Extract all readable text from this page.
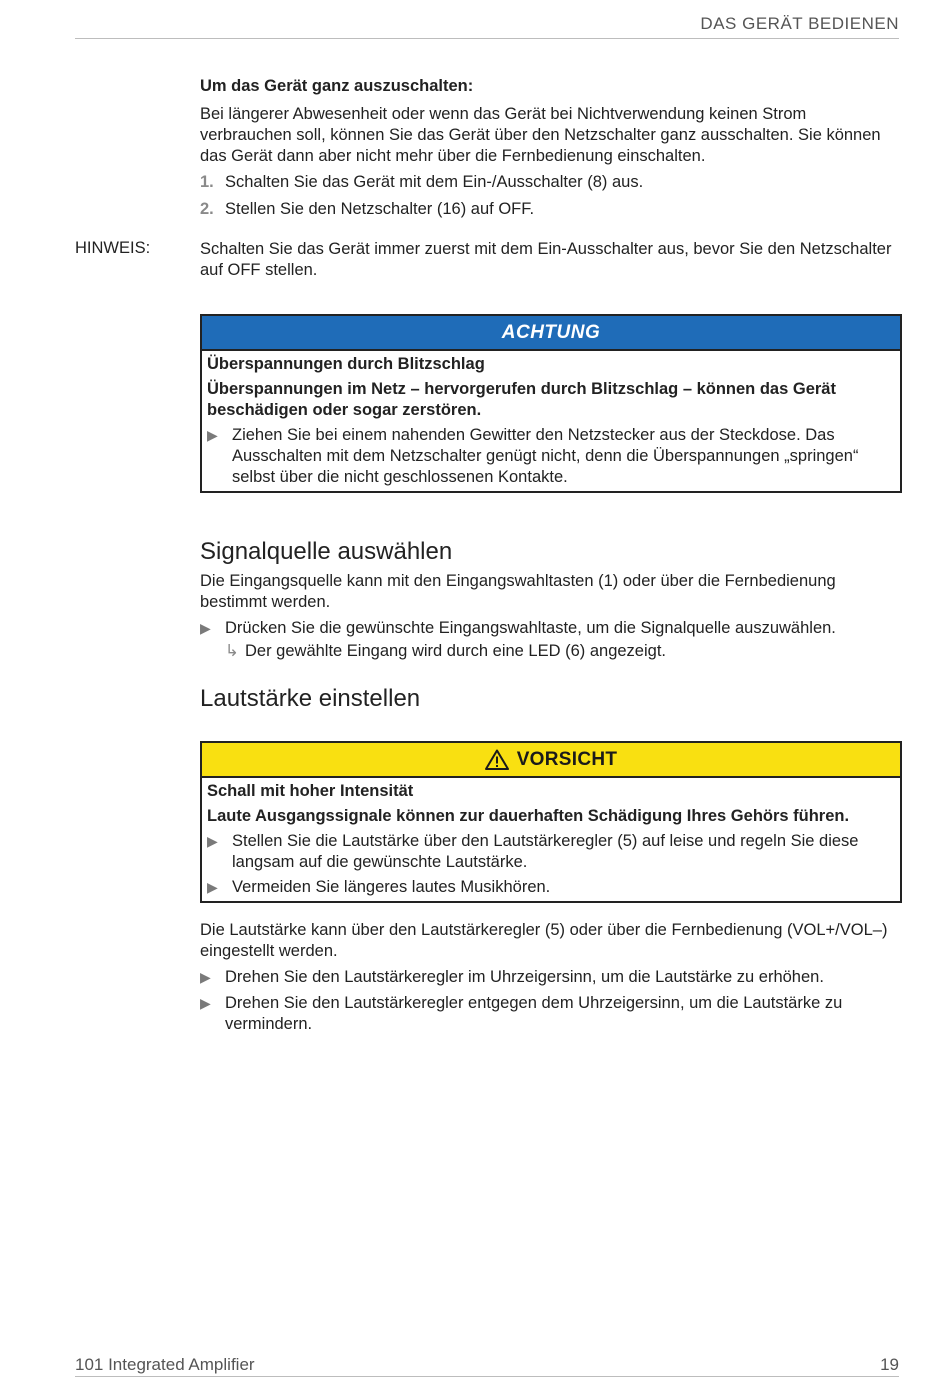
DAS GERÄT BEDIENEN

Um das Gerät ganz auszuschalten:

Bei längerer Abwesenheit oder wenn das Gerät bei Nichtverwendung keinen Strom verbrauchen soll, können Sie das Gerät über den Netzschalter ganz ausschalten. Sie können das Gerät dann aber nicht mehr über die Fernbedienung einschalten.

1. Schalten Sie das Gerät mit dem Ein-/Ausschalter (8) aus.
2. Stellen Sie den Netzschalter (16) auf OFF.
HINWEIS:	Schalten Sie das Gerät immer zuerst mit dem Ein-Ausschalter aus, bevor Sie den Netzschalter auf OFF stellen.

ACHTUNG
Überspannungen durch Blitzschlag
Überspannungen im Netz – hervorgerufen durch Blitzschlag – können das Gerät beschädigen oder sogar zerstören.
▶ Ziehen Sie bei einem nahenden Gewitter den Netzstecker aus der Steckdose. Das Ausschalten mit dem Netzschalter genügt nicht, denn die Überspannungen „springen“ selbst über die nicht geschlossenen Kontakte.
Signalquelle auswählen

Die Eingangsquelle kann mit den Eingangswahltasten (1) oder über die Fernbedienung bestimmt werden.

▶ Drücken Sie die gewünschte Eingangswahltaste, um die Signalquelle auszuwählen.
↳ Der gewählte Eingang wird durch eine LED (6) angezeigt.
Lautstärke einstellen
VORSICHT
Schall mit hoher Intensität
Laute Ausgangssignale können zur dauerhaften Schädigung Ihres Gehörs führen.
▶ Stellen Sie die Lautstärke über den Lautstärkeregler (5) auf leise und regeln Sie diese langsam auf die gewünschte Lautstärke.
▶ Vermeiden Sie längeres lautes Musikhören.

Die Lautstärke kann über den Lautstärkeregler (5) oder über die Fernbedienung (VOL+/VOL–) eingestellt werden.

▶ Drehen Sie den Lautstärkeregler im Uhrzeigersinn, um die Lautstärke zu erhöhen.
▶ Drehen Sie den Lautstärkeregler entgegen dem Uhrzeigersinn, um die Lautstärke zu vermindern.
101 Integrated Amplifier	19
